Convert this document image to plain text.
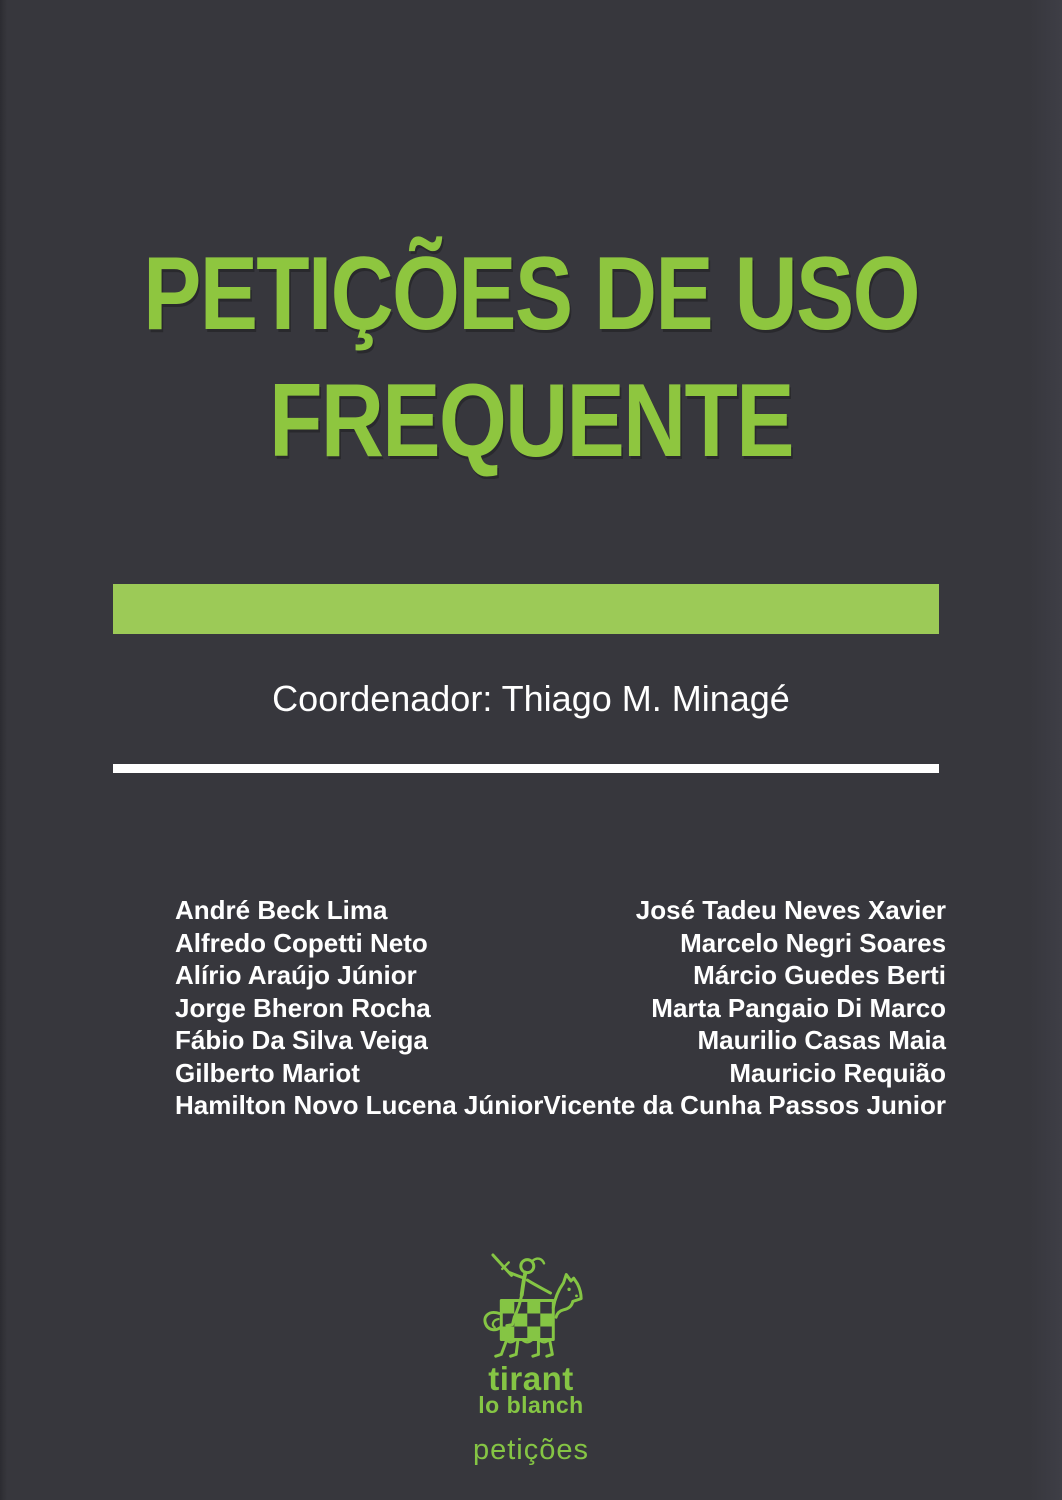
PETIÇÕES DE USO
FREQUENTE
Coordenador: Thiago M. Minagé
André Beck Lima
Alfredo Copetti Neto
Alírio Araújo Júnior
Jorge Bheron Rocha
Fábio Da Silva Veiga
Gilberto Mariot
Hamilton Novo Lucena Júnior
José Tadeu Neves Xavier
Marcelo Negri Soares
Márcio Guedes Berti
Marta Pangaio Di Marco
Maurilio Casas Maia
Mauricio Requião
Vicente da Cunha Passos Junior
tirant
lo blanch
petições
